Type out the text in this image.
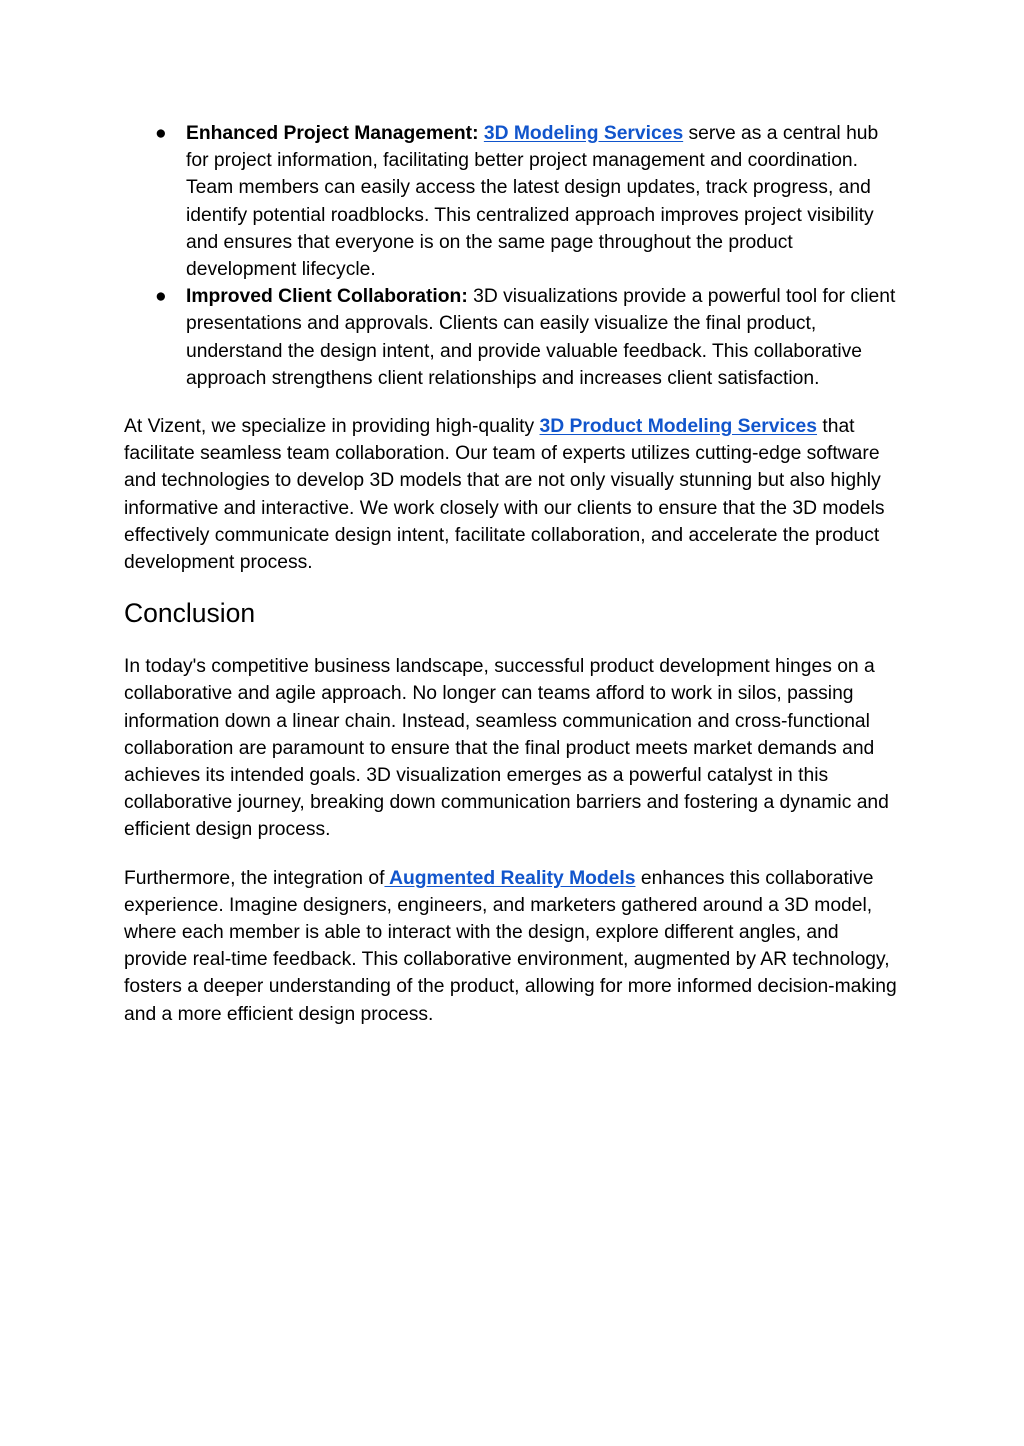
● Enhanced Project Management: 3D Modeling Services serve as a central hub for project information, facilitating better project management and coordination. Team members can easily access the latest design updates, track progress, and identify potential roadblocks. This centralized approach improves project visibility and ensures that everyone is on the same page throughout the product development lifecycle.
● Improved Client Collaboration: 3D visualizations provide a powerful tool for client presentations and approvals. Clients can easily visualize the final product, understand the design intent, and provide valuable feedback. This collaborative approach strengthens client relationships and increases client satisfaction.

At Vizent, we specialize in providing high-quality 3D Product Modeling Services that facilitate seamless team collaboration. Our team of experts utilizes cutting-edge software and technologies to develop 3D models that are not only visually stunning but also highly informative and interactive. We work closely with our clients to ensure that the 3D models effectively communicate design intent, facilitate collaboration, and accelerate the product development process.

Conclusion

In today's competitive business landscape, successful product development hinges on a collaborative and agile approach. No longer can teams afford to work in silos, passing information down a linear chain. Instead, seamless communication and cross-functional collaboration are paramount to ensure that the final product meets market demands and achieves its intended goals. 3D visualization emerges as a powerful catalyst in this collaborative journey, breaking down communication barriers and fostering a dynamic and efficient design process.

Furthermore, the integration of Augmented Reality Models enhances this collaborative experience. Imagine designers, engineers, and marketers gathered around a 3D model, where each member is able to interact with the design, explore different angles, and provide real-time feedback. This collaborative environment, augmented by AR technology, fosters a deeper understanding of the product, allowing for more informed decision-making and a more efficient design process.
